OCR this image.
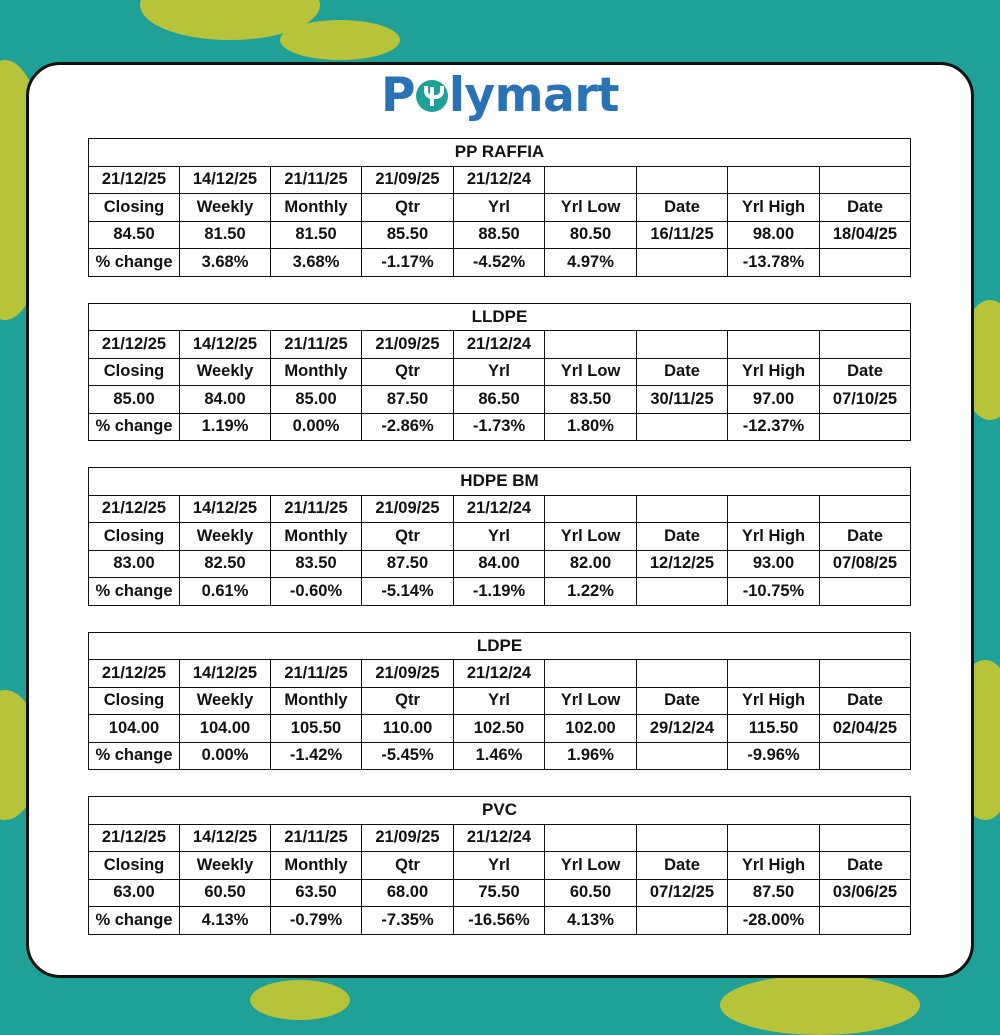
P lymart
PP RAFFIA								
21/12/25	14/12/25	21/11/25	21/09/25	21/12/24				
Closing	Weekly	Monthly	Qtr	Yrl	Yrl Low	Date	Yrl High	Date
84.50	81.50	81.50	85.50	88.50	80.50	16/11/25	98.00	18/04/25
% change	3.68%	3.68%	-1.17%	-4.52%	4.97%		-13.78%	

LLDPE								
21/12/25	14/12/25	21/11/25	21/09/25	21/12/24				
Closing	Weekly	Monthly	Qtr	Yrl	Yrl Low	Date	Yrl High	Date
85.00	84.00	85.00	87.50	86.50	83.50	30/11/25	97.00	07/10/25
% change	1.19%	0.00%	-2.86%	-1.73%	1.80%		-12.37%	

HDPE BM								
21/12/25	14/12/25	21/11/25	21/09/25	21/12/24				
Closing	Weekly	Monthly	Qtr	Yrl	Yrl Low	Date	Yrl High	Date
83.00	82.50	83.50	87.50	84.00	82.00	12/12/25	93.00	07/08/25
% change	0.61%	-0.60%	-5.14%	-1.19%	1.22%		-10.75%	

LDPE								
21/12/25	14/12/25	21/11/25	21/09/25	21/12/24				
Closing	Weekly	Monthly	Qtr	Yrl	Yrl Low	Date	Yrl High	Date
104.00	104.00	105.50	110.00	102.50	102.00	29/12/24	115.50	02/04/25
% change	0.00%	-1.42%	-5.45%	1.46%	1.96%		-9.96%	

PVC								
21/12/25	14/12/25	21/11/25	21/09/25	21/12/24				
Closing	Weekly	Monthly	Qtr	Yrl	Yrl Low	Date	Yrl High	Date
63.00	60.50	63.50	68.00	75.50	60.50	07/12/25	87.50	03/06/25
% change	4.13%	-0.79%	-7.35%	-16.56%	4.13%		-28.00%	
